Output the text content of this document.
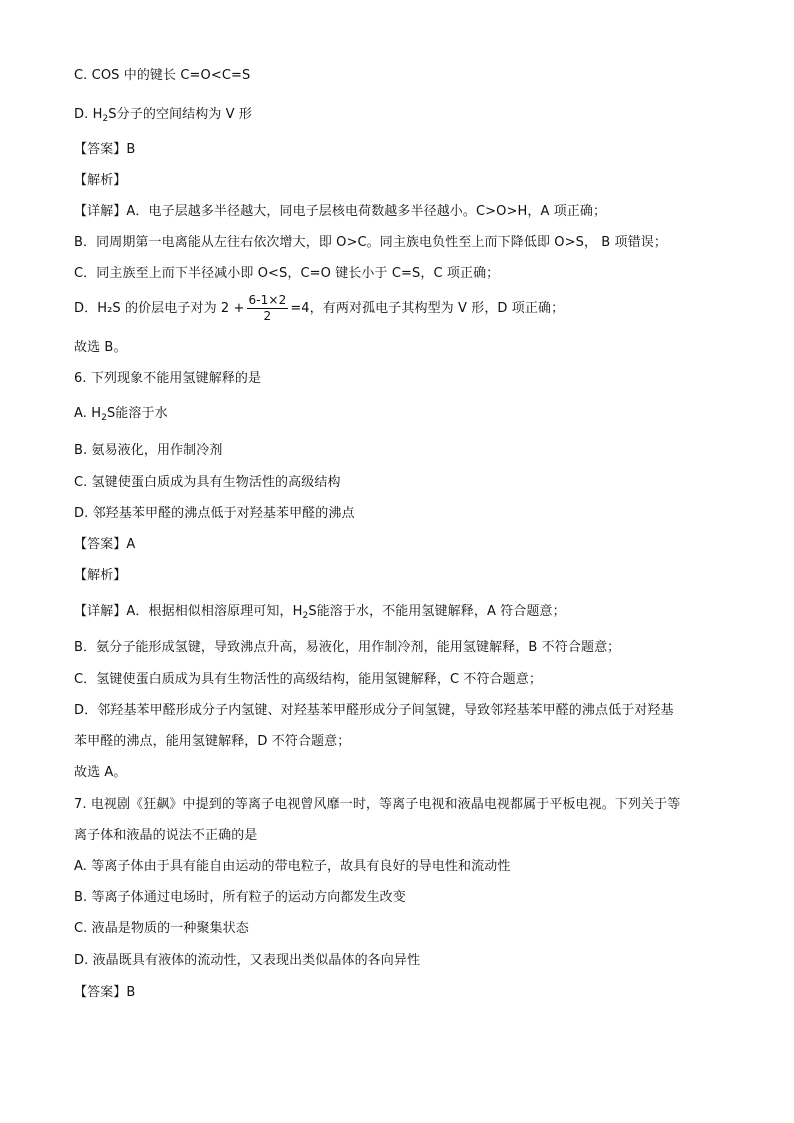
C. COS 中的键长 C=O<C=S
D. $H_2S$分子的空间结构为 V 形
【答案】B
【解析】
【详解】A．电子层越多半径越大，同电子层核电荷数越多半径越小。C>O>H，A 项正确；
B．同周期第一电离能从左往右依次增大，即 O>C。同主族电负性至上而下降低即 O>S， B 项错误；
C．同主族至上而下半径减小即 O<S，C=O 键长小于 C=S，C 项正确；
D．H₂S 的价层电子对为 $2 + \frac{6-1\times 2}{2} =4$，有两对孤电子其构型为 V 形，D 项正确；
故选 B。
6. 下列现象不能用氢键解释的是
A. $H_2S$能溶于水
B. 氨易液化，用作制冷剂
C. 氢键使蛋白质成为具有生物活性的高级结构
D. 邻羟基苯甲醛的沸点低于对羟基苯甲醛的沸点
【答案】A
【解析】
【详解】A．根据相似相溶原理可知，$H_2S$能溶于水，不能用氢键解释，A 符合题意；
B．氨分子能形成氢键，导致沸点升高，易液化，用作制冷剂，能用氢键解释，B 不符合题意；
C．氢键使蛋白质成为具有生物活性的高级结构，能用氢键解释，C 不符合题意；
D．邻羟基苯甲醛形成分子内氢键、对羟基苯甲醛形成分子间氢键，导致邻羟基苯甲醛的沸点低于对羟基
苯甲醛的沸点，能用氢键解释，D 不符合题意；
故选 A。
7. 电视剧《狂飙》中提到的等离子电视曾风靡一时，等离子电视和液晶电视都属于平板电视。下列关于等
离子体和液晶的说法不正确的是
A. 等离子体由于具有能自由运动的带电粒子，故具有良好的导电性和流动性
B. 等离子体通过电场时，所有粒子的运动方向都发生改变
C. 液晶是物质的一种聚集状态
D. 液晶既具有液体的流动性，又表现出类似晶体的各向异性
【答案】B
